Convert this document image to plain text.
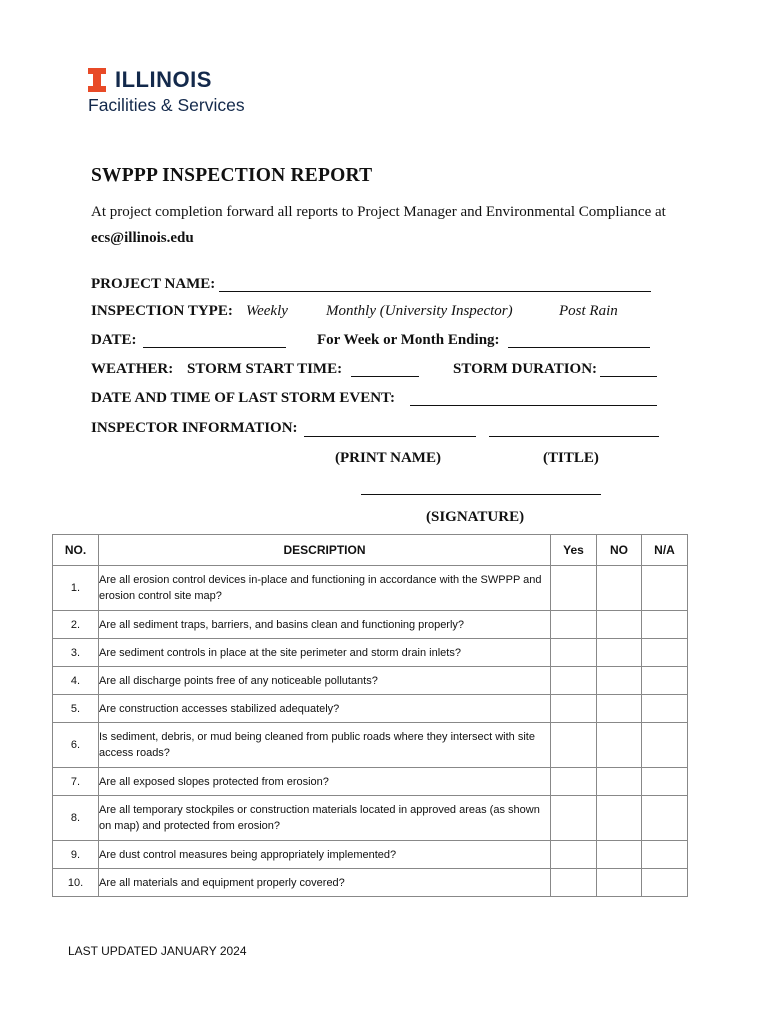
ILLINOIS
Facilities & Services
SWPPP INSPECTION REPORT
At project completion forward all reports to Project Manager and Environmental Compliance at
ecs@illinois.edu
PROJECT NAME:
INSPECTION TYPE: Weekly	Monthly (University Inspector)	Post Rain
DATE:	For Week or Month Ending:
WEATHER: STORM START TIME:	STORM DURATION:
DATE AND TIME OF LAST STORM EVENT:
INSPECTOR INFORMATION:
(PRINT NAME)	(TITLE)
(SIGNATURE)
NO.	DESCRIPTION	Yes	NO	N/A
1.	Are all erosion control devices in-place and functioning in accordance with the SWPPP and erosion control site map?			
2.	Are all sediment traps, barriers, and basins clean and functioning properly?			
3.	Are sediment controls in place at the site perimeter and storm drain inlets?			
4.	Are all discharge points free of any noticeable pollutants?			
5.	Are construction accesses stabilized adequately?			
6.	Is sediment, debris, or mud being cleaned from public roads where they intersect with site access roads?			
7.	Are all exposed slopes protected from erosion?			
8.	Are all temporary stockpiles or construction materials located in approved areas (as shown on map) and protected from erosion?			
9.	Are dust control measures being appropriately implemented?			
10.	Are all materials and equipment properly covered?			
LAST UPDATED JANUARY 2024
